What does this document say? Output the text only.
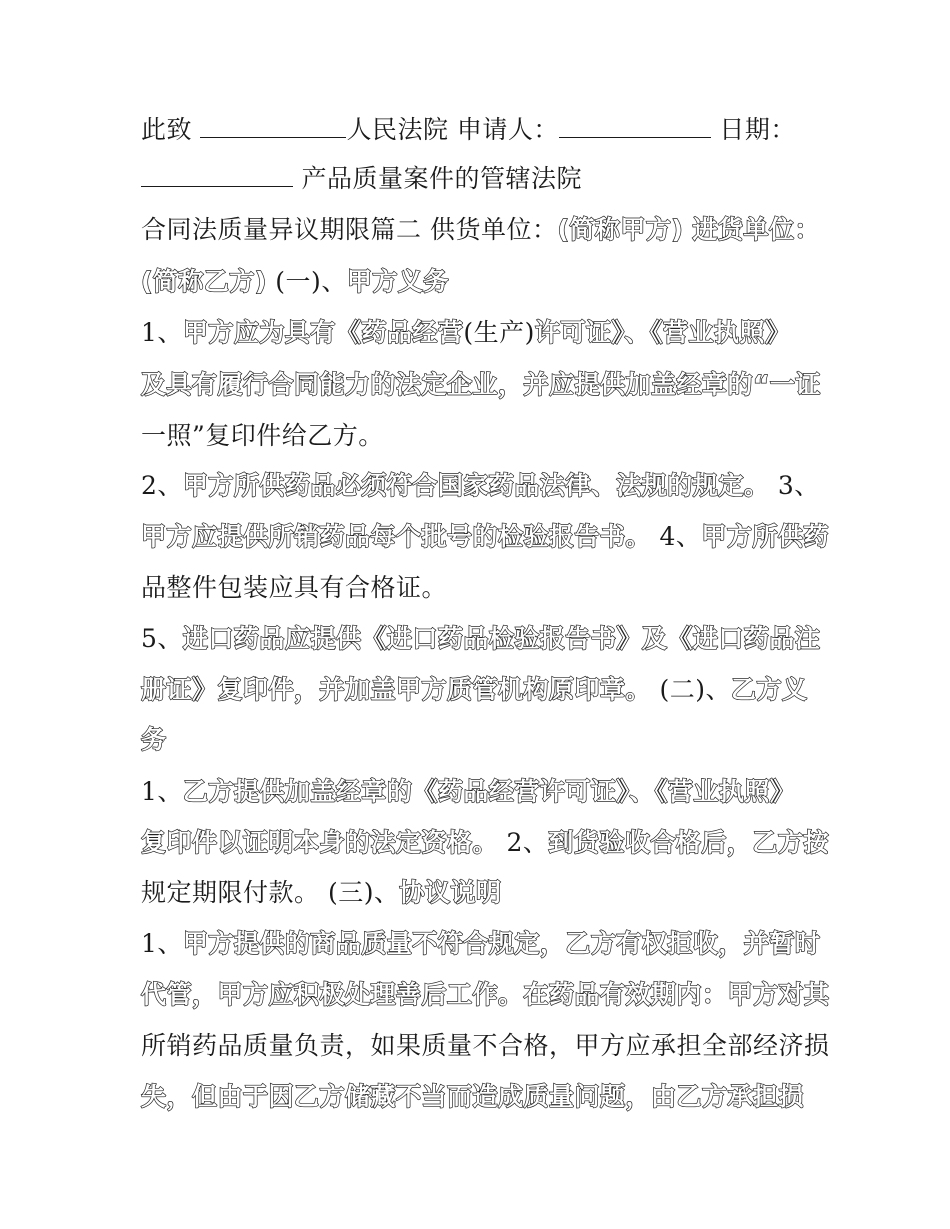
此致	人民法院 申请人：	日期：
产品质量案件的管辖法院
合同法质量异议期限篇二 供货单位：(简称甲方) 进货单位：
(简称乙方) (一)、甲方义务
1、甲方应为具有《药品经营(生产)许可证》、《营业执照》
及具有履行合同能力的法定企业，并应提供加盖经章的“一证
一照”复印件给乙方。
2、甲方所供药品必须符合国家药品法律、法规的规定。 3、
甲方应提供所销药品每个批号的检验报告书。 4、甲方所供药
品整件包装应具有合格证。
5、进口药品应提供《进口药品检验报告书》及《进口药品注
册证》复印件，并加盖甲方质管机构原印章。 (二)、乙方义
务
1、乙方提供加盖经章的《药品经营许可证》、《营业执照》
复印件以证明本身的法定资格。 2、到货验收合格后，乙方按
规定期限付款。 (三)、协议说明
1、甲方提供的商品质量不符合规定，乙方有权拒收，并暂时
代管，甲方应积极处理善后工作。在药品有效期内：甲方对其
所销药品质量负责，如果质量不合格，甲方应承担全部经济损
失，但由于因乙方储藏不当而造成质量问题，由乙方承担损
